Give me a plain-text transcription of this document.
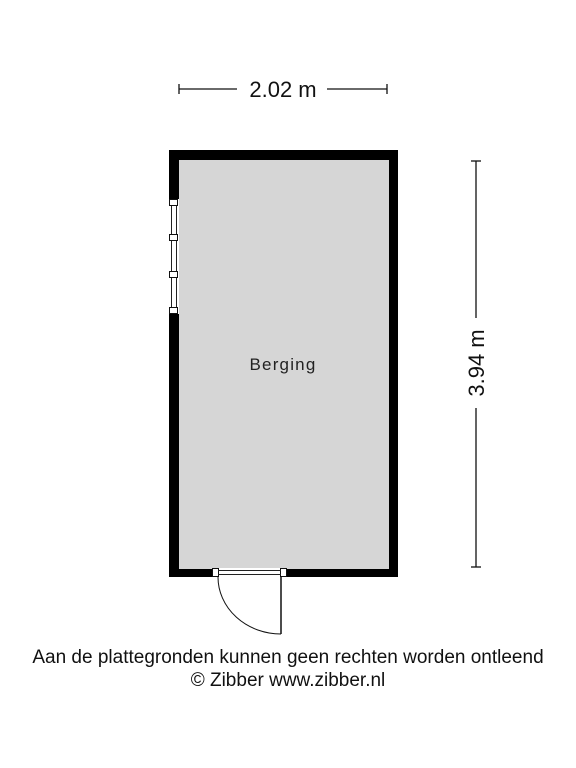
2.02 m
3.94 m
Berging
Aan de plattegronden kunnen geen rechten worden ontleend
© Zibber www.zibber.nl
